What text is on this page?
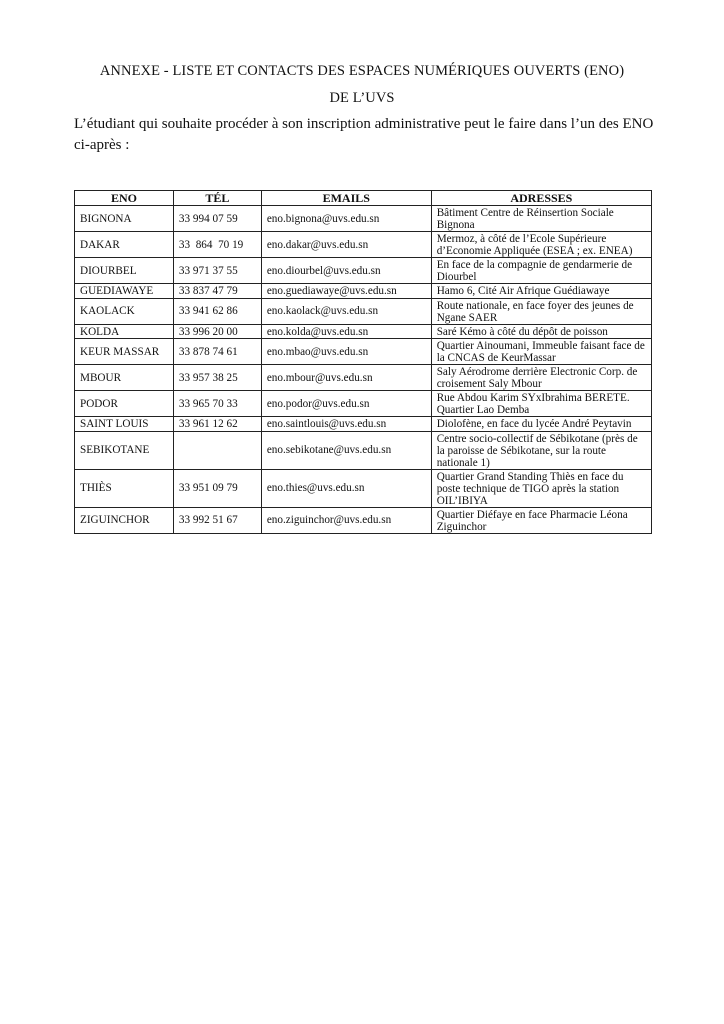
ANNEXE - LISTE ET CONTACTS DES ESPACES NUMÉRIQUES OUVERTS (ENO)
DE L’UVS
L’étudiant qui souhaite procéder à son inscription administrative peut le faire dans l’un des ENO
ci-après :
ENO	TÉL	EMAILS	ADRESSES
BIGNONA	33 994 07 59	eno.bignona@uvs.edu.sn	Bâtiment Centre de Réinsertion Sociale Bignona
DAKAR	33  864  70 19	eno.dakar@uvs.edu.sn	Mermoz, à côté de l’Ecole Supérieure d’Economie Appliquée (ESEA ; ex. ENEA)
DIOURBEL	33 971 37 55	eno.diourbel@uvs.edu.sn	En face de la compagnie de gendarmerie de Diourbel
GUEDIAWAYE	33 837 47 79	eno.guediawaye@uvs.edu.sn	Hamo 6, Cité Air Afrique Guédiawaye
KAOLACK	33 941 62 86	eno.kaolack@uvs.edu.sn	Route nationale, en face foyer des jeunes de Ngane SAER
KOLDA	33 996 20 00	eno.kolda@uvs.edu.sn	Saré Kémo à côté du dépôt de poisson
KEUR MASSAR	33 878 74 61	eno.mbao@uvs.edu.sn	Quartier Ainoumani, Immeuble faisant face de la CNCAS de KeurMassar
MBOUR	33 957 38 25	eno.mbour@uvs.edu.sn	Saly Aérodrome derrière Electronic Corp. de croisement Saly Mbour
PODOR	33 965 70 33	eno.podor@uvs.edu.sn	Rue Abdou Karim SYxIbrahima BERETE. Quartier Lao Demba
SAINT LOUIS	33 961 12 62	eno.saintlouis@uvs.edu.sn	Diolofène, en face du lycée André Peytavin
SEBIKOTANE		eno.sebikotane@uvs.edu.sn	Centre socio-collectif de Sébikotane (près de la paroisse de Sébikotane, sur la route nationale 1)
THIÈS	33 951 09 79	eno.thies@uvs.edu.sn	Quartier Grand Standing Thiès en face du poste technique de TIGO après la station OIL’IBIYA
ZIGUINCHOR	33 992 51 67	eno.ziguinchor@uvs.edu.sn	Quartier Diéfaye en face Pharmacie Léona Ziguinchor
